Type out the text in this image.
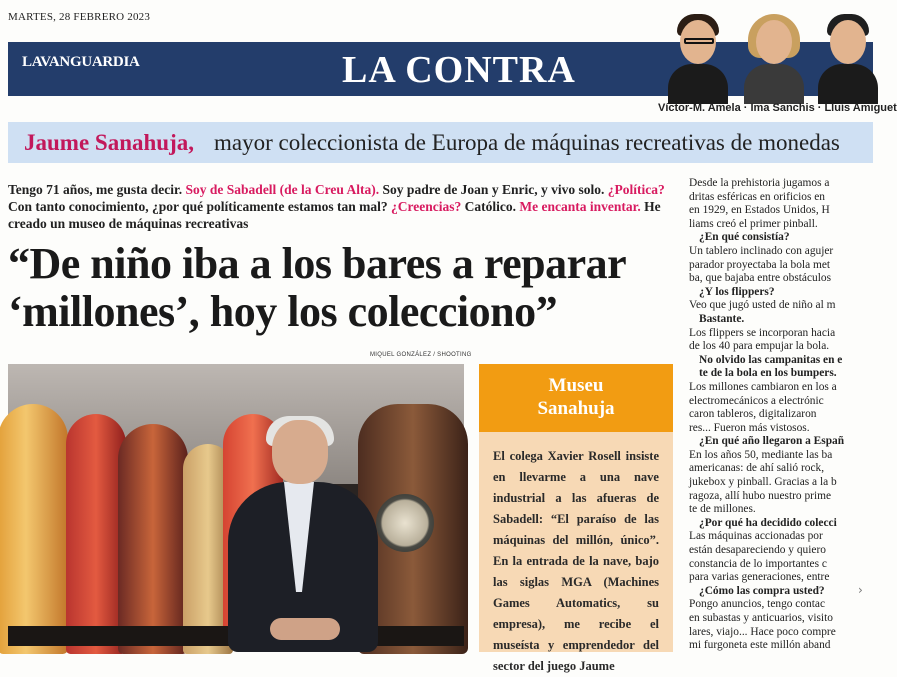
MARTES, 28 FEBRERO 2023
LAVANGUARDIA	LA CONTRA
Víctor-M. Amela · Ima Sanchis · Lluís Amiguet
Jaume Sanahuja, mayor coleccionista de Europa de máquinas recreativas de monedas
Tengo 71 años, me gusta decir. Soy de Sabadell (de la Creu Alta). Soy padre de Joan y Enric, y vivo solo. ¿Política? Con tanto conocimiento, ¿por qué políticamente estamos tan mal? ¿Creencias? Católico. Me encanta inventar. He creado un museo de máquinas recreativas
“De niño iba a los bares a reparar
‘millones’, hoy los colecciono”
MIQUEL GONZÁLEZ / SHOOTING
Museu
Sanahuja
El colega Xavier Rosell insiste en llevarme a una nave industrial a las afueras de Sabadell: “El paraíso de las máquinas del millón, único”. En la entrada de la nave, bajo las siglas MGA (Machines Games Automatics, su empresa), me recibe el museísta y emprendedor del sector del juego Jaume

Desde la prehistoria jugamos a

dritas esféricas en orificios en

en 1929, en Estados Unidos, H

liams creó el primer pinball.

¿En qué consistía?

Un tablero inclinado con agujer

parador proyectaba la bola met

ba, que bajaba entre obstáculos

¿Y los flippers?

Veo que jugó usted de niño al m

Bastante.

Los flippers se incorporan hacia

de los 40 para empujar la bola.

No olvido las campanitas en e

te de la bola en los bumpers.

Los millones cambiaron en los a

electromecánicos a electrónic

caron tableros, digitalizaron

res... Fueron más vistosos.

¿En qué año llegaron a Españ

En los años 50, mediante las ba

americanas: de ahí salió rock,

jukebox y pinball. Gracias a la b

ragoza, allí hubo nuestro prime

te de millones.

¿Por qué ha decidido colecci

Las máquinas accionadas por

están desapareciendo y quiero

constancia de lo importantes c

para varias generaciones, entre

¿Cómo las compra usted?

Pongo anuncios, tengo contac

en subastas y anticuarios, visito

lares, viajo... Hace poco compre

mi furgoneta este millón aband

›
